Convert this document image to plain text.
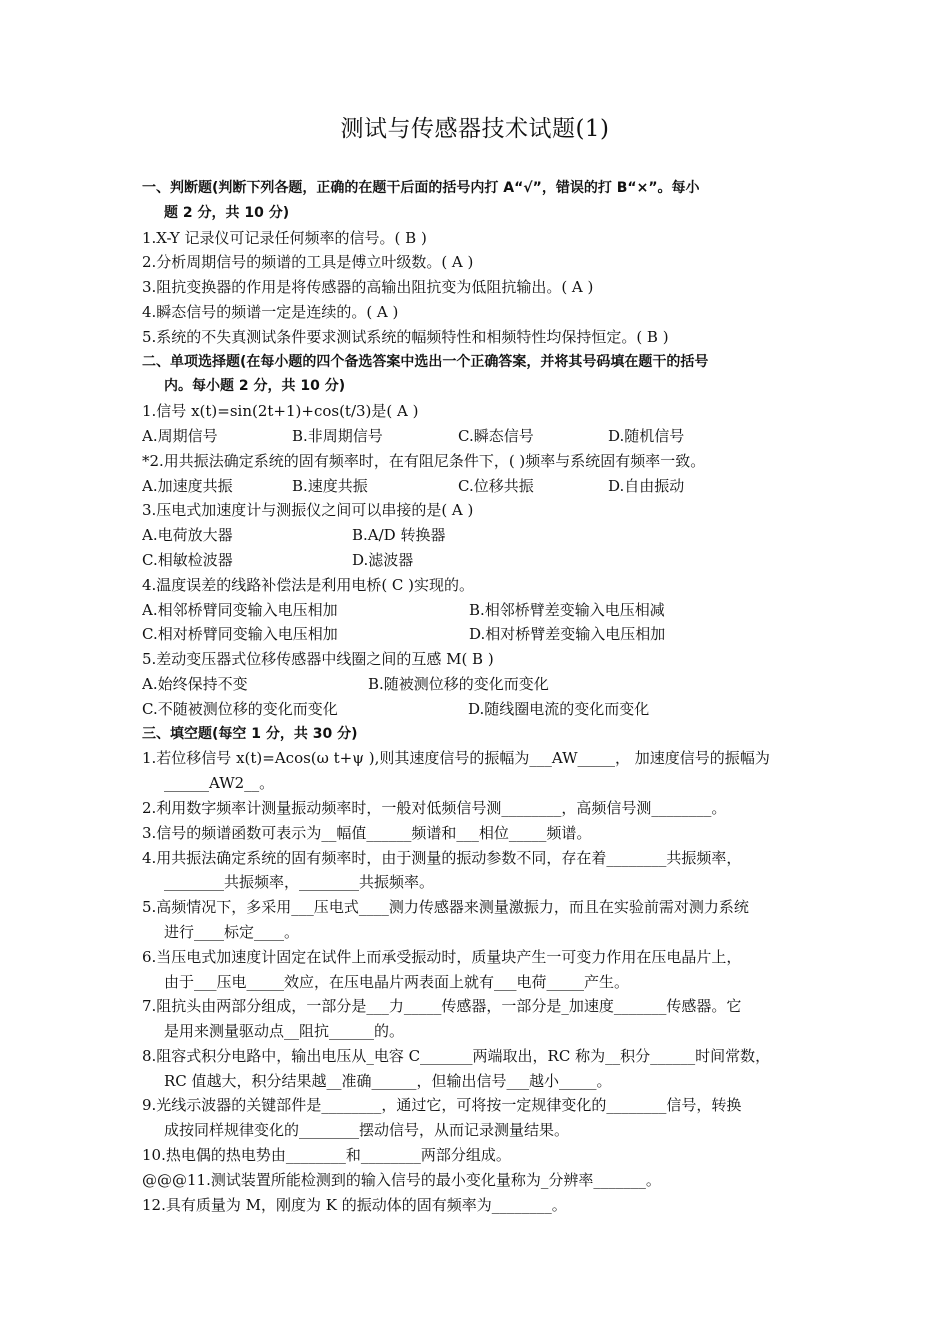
测试与传感器技术试题(1)
一、判断题(判断下列各题，正确的在题干后面的括号内打 A“√”，错误的打 B“×”。每小
题 2 分，共 10 分)
1.X-Y 记录仪可记录任何频率的信号。( B )
2.分析周期信号的频谱的工具是傅立叶级数。( A )
3.阻抗变换器的作用是将传感器的高输出阻抗变为低阻抗输出。( A )
4.瞬态信号的频谱一定是连续的。( A )
5.系统的不失真测试条件要求测试系统的幅频特性和相频特性均保持恒定。( B )
二、单项选择题(在每小题的四个备选答案中选出一个正确答案，并将其号码填在题干的括号
内。每小题 2 分，共 10 分)
1.信号 x(t)=sin(2t+1)+cos(t/3)是( A )
A.周期信号	B.非周期信号	C.瞬态信号	D.随机信号
*2.用共振法确定系统的固有频率时，在有阻尼条件下，( )频率与系统固有频率一致。
A.加速度共振	B.速度共振	C.位移共振	D.自由振动
3.压电式加速度计与测振仪之间可以串接的是( A )
A.电荷放大器	B.A/D 转换器
C.相敏检波器	D.滤波器
4.温度误差的线路补偿法是利用电桥( C )实现的。
A.相邻桥臂同变输入电压相加	B.相邻桥臂差变输入电压相减
C.相对桥臂同变输入电压相加	D.相对桥臂差变输入电压相加
5.差动变压器式位移传感器中线圈之间的互感 M( B )
A.始终保持不变	B.随被测位移的变化而变化
C.不随被测位移的变化而变化	D.随线圈电流的变化而变化
三、填空题(每空 1 分，共 30 分)
1.若位移信号 x(t)=Acos(ω t+ψ ),则其速度信号的振幅为___AW_____， 加速度信号的振幅为
______AW2__。
2.利用数字频率计测量振动频率时，一般对低频信号测________，高频信号测________。
3.信号的频谱函数可表示为__幅值______频谱和___相位_____频谱。
4.用共振法确定系统的固有频率时，由于测量的振动参数不同，存在着________共振频率，
________共振频率，________共振频率。
5.高频情况下，多采用___压电式____测力传感器来测量激振力，而且在实验前需对测力系统
进行____标定____。
6.当压电式加速度计固定在试件上而承受振动时，质量块产生一可变力作用在压电晶片上，
由于___压电_____效应，在压电晶片两表面上就有___电荷_____产生。
7.阻抗头由两部分组成，一部分是___力_____传感器，一部分是_加速度_______传感器。它
是用来测量驱动点__阻抗______的。
8.阻容式积分电路中，输出电压从_电容 C_______两端取出，RC 称为__积分______时间常数，
RC 值越大，积分结果越__准确______，但输出信号___越小_____。
9.光线示波器的关键部件是________，通过它，可将按一定规律变化的________信号，转换
成按同样规律变化的________摆动信号，从而记录测量结果。
10.热电偶的热电势由________和________两部分组成。
@@@11.测试装置所能检测到的输入信号的最小变化量称为_分辨率_______。
12.具有质量为 M，刚度为 K 的振动体的固有频率为________。
